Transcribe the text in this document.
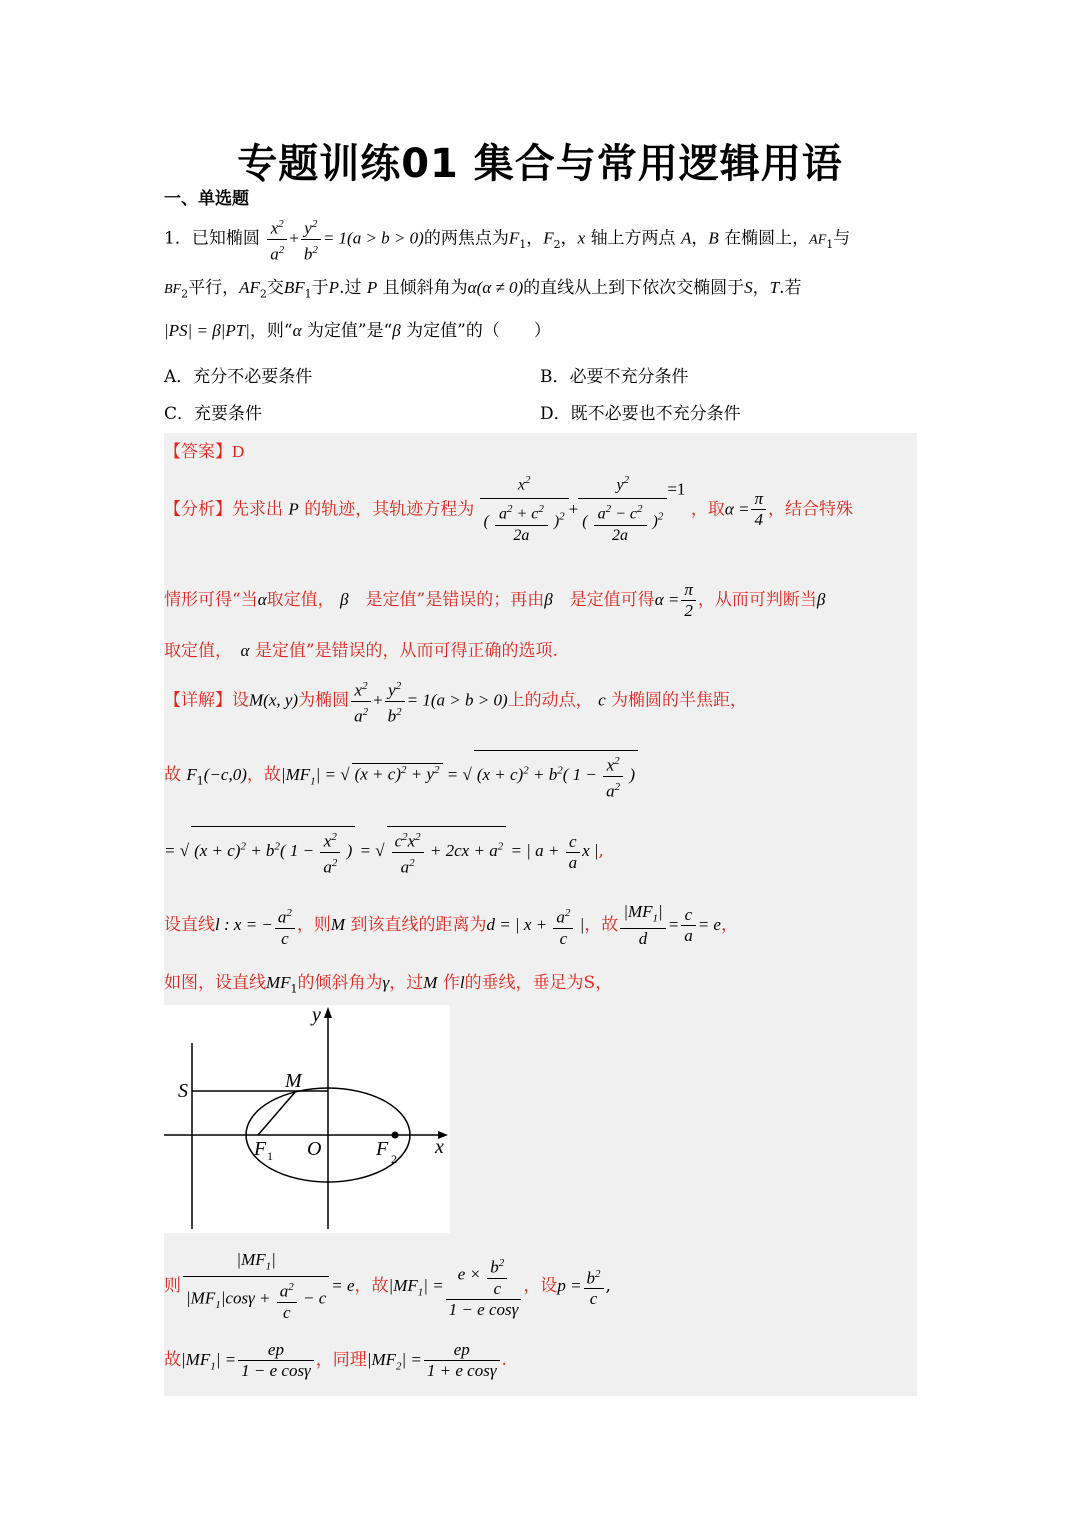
专题训练01 集合与常用逻辑用语
一、单选题
1．已知椭圆 $\frac{x^2}{a^2} + \frac{y^2}{b^2} = 1(a > b > 0)$的两焦点为$F_1$，$F_2$，x 轴上方两点 A，B 在椭圆上，$AF_1$与
$BF_2$平行，$AF_2$交$BF_1$于P.过 P 且倾斜角为α(α ≠ 0)的直线从上到下依次交椭圆于S，T.若
|PS| = β|PT|，则“α 为定值”是“β 为定值”的（　　）
A．充分不必要条件	B．必要不充分条件
C．充要条件	D．既不必要也不充分条件
【答案】D
【分析】先求出 P 的轨迹，其轨迹方程为 $\frac{x^2}{( \frac{a^2 + c^2}{2a} )^2} + \frac{y^2}{( \frac{a^2 - c^2}{2a} )^2} =1$ ，取$\alpha = \frac{\pi}{4}$ ，结合特殊
情形可得“当α取定值， β　 是定值”是错误的；再由β　 是定值可得$\alpha = \frac{\pi}{2}$ ，从而可判断当β
取定值，　 α 是定值”是错误的，从而可得正确的选项.
【详解】设M(x, y)为椭圆 $\frac{x^2}{a^2} + \frac{y^2}{b^2} = 1(a > b > 0)$上的动点， c 为椭圆的半焦距，
故 $F_1(-c,0)$，故$|MF_1|$ = √ $(x + c)^2 + y^2$ = √ $(x + c)^2 + b^2$( $1 - \frac{x^2}{a^2}$ )
= √ $(x + c)^2 + b^2$( $1 - \frac{x^2}{a^2}$ ) = √ $\frac{c^2x^2}{a^2} + 2cx + a^2$ = | $a + \frac{c}{a}$ x |,
设直线l : x = − $\frac{a^2}{c}$ ，则M 到该直线的距离为d = | $x + \frac{a^2}{c}$ |，故 $\frac{|MF_1|}{d} = \frac{c}{a} = e$，
如图，设直线$MF_1$的倾斜角为γ，过M 作l的垂线，垂足为S，
y
x
S	M
O
F 1	F 2
则 $\frac{|MF_1|}{|MF_1|\cos\gamma + \frac{a^2}{c} - c} = e$，故$|MF_1| = \frac{e \times \frac{b^2}{c}}{\text{1 − e cosγ}}$ ，设$p = \frac{b^2}{c}$ ,
故$|MF_1| = \frac{ep}{\text{1 − e cosγ}}$ ，同理$|MF_2| = \frac{ep}{\text{1 + e cosγ}}$ .
